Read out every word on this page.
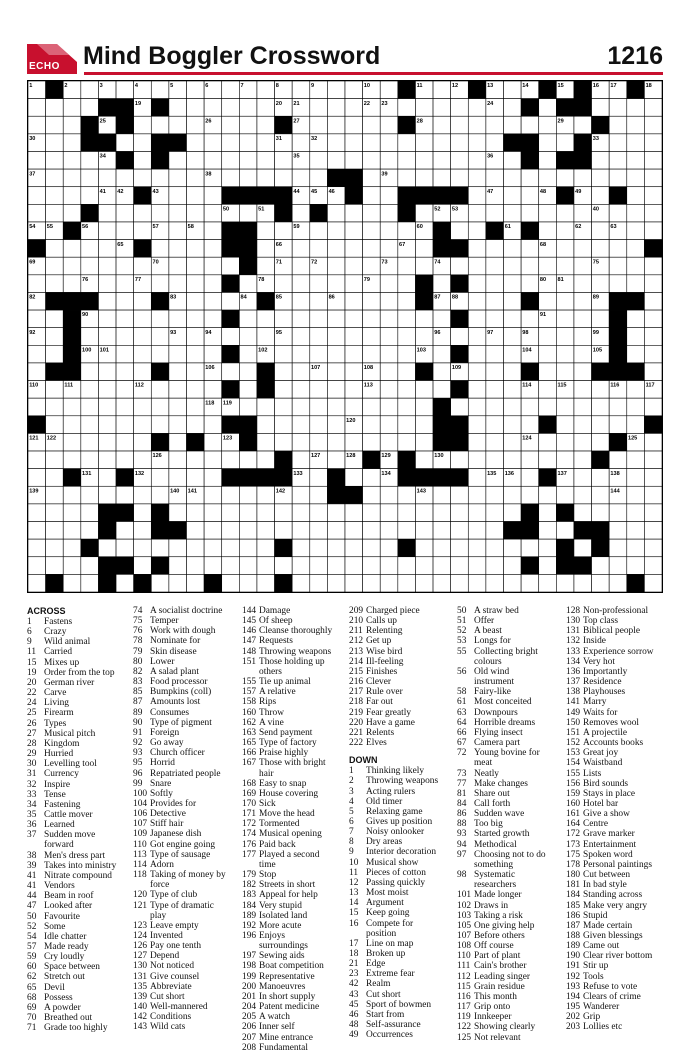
ECHO Mind Boggler Crossword	1216
1	2	3	4	5	6	7	8	9	10	11	12	13	14	15	16 17	18
19	20 21	22 23	24
25	26	27	28	29
30	31	32	33
34	35	36
37	38	39
41 42	43	44 45 46	47	48	49
50	51	52 53	40
54 55	56	57	58	59	60	61	62	63
65	66	67	68
69	70	71	72	73	74	75
76	77	78	79	80 81
82	83	84	85	86	87 88	89
90	91
92	93	94	95	96	97	98	99
100 101	102	103	104	105
106	107	108	109
110	111	112	113	114	115	116	117
118 119
120
121 122	123	124	125
126	127	128	129	130
131	132	133	134	135 136	137	138
139	140 141	142	143	144
ACROSS
1	Fastens
6	Crazy
9	Wild animal
11 Carried
15 Mixes up
19 Order from the top
20 German river
22 Carve
24 Living
25 Firearm
26 Types
27 Musical pitch
28 Kingdom
29 Hurried
30 Levelling tool
31 Currency
32 Inspire
33 Tense
34 Fastening
35 Cattle mover
36 Learned
37 Sudden move forward
38 Men's dress part
39 Takes into ministry
41 Nitrate compound
41 Vendors
44 Beam in roof
47 Looked after
50 Favourite
52 Some
54 Idle chatter
57 Made ready
59 Cry loudly
60 Space between
62 Stretch out
65 Devil
68 Possess
69 A powder
70 Breathed out
71 Grade too highly
74 A socialist doctrine
75 Temper
76 Work with dough
78 Nominate for
79 Skin disease
80 Lower
82 A salad plant
83 Food processor
85 Bumpkins (coll)
87 Amounts lost
89 Consumes
90 Type of pigment
91 Foreign
92 Go away
93 Church officer
95 Horrid
96 Repatriated people
99 Snare
100 Softly
104 Provides for
106 Detective
107 Stiff hair
109 Japanese dish
110 Got engine going
113 Type of sausage
114 Adorn
118 Taking of money by force
120 Type of club
121 Type of dramatic play
123 Leave empty
124 Invented
126 Pay one tenth
127 Depend
130 Not noticed
131 Give counsel
135 Abbreviate
139 Cut short
140 Well-mannered
142 Conditions
143 Wild cats
144 Damage
145 Of sheep
146 Cleanse thoroughly
147 Requests
148 Throwing weapons
151 Those holding up others
155 Tie up animal
157 A relative
158 Rips
160 Throw
162 A vine
163 Send payment
165 Type of factory
166 Praise highly
167 Those with bright hair
168 Easy to snap
169 House covering
170 Sick
171 Move the head
172 Tormented
174 Musical opening
176 Paid back
177 Played a second time
179 Stop
182 Streets in short
183 Appeal for help
184 Very stupid
189 Isolated land
192 More acute
196 Enjoys surroundings
197 Sewing aids
198 Boat competition
199 Representative
200 Manoeuvres
201 In short supply
204 Patent medicine
205 A watch
206 Inner self
207 Mine entrance
208 Fundamental
209 Charged piece
210 Calls up
211 Relenting
212 Get up
213 Wise bird
214 Ill-feeling
215 Finishes
216 Clever
217 Rule over
218 Far out
219 Fear greatly
220 Have a game
221 Relents
222 Elves
DOWN
1	Thinking likely
2	Throwing weapons
3	Acting rulers
4	Old timer
5	Relaxing game
6	Gives up position
7	Noisy onlooker
8	Dry areas
9	Interior decoration
10 Musical show
11 Pieces of cotton
12 Passing quickly
13 Most moist
14 Argument
15 Keep going
16 Compete for position
17 Line on map
18 Broken up
21 Edge
23 Extreme fear
42 Realm
43 Cut short
45 Sport of bowmen
46 Start from
48 Self-assurance
49 Occurrences
50 A straw bed
51 Offer
52 A beast
53 Longs for
55 Collecting bright colours
56 Old wind instrument
58 Fairy-like
61 Most conceited
63 Downpours
64 Horrible dreams
66 Flying insect
67 Camera part
72 Young bovine for meat
73 Neatly
77 Make changes
81 Share out
84 Call forth
86 Sudden wave
88 Too big
93 Started growth
94 Methodical
97 Choosing not to do something
98 Systematic researchers
101 Made longer
102 Draws in
103 Taking a risk
105 One giving help
107 Before others
108 Off course
110 Part of plant
111 Cain's brother
112 Leading singer
115 Grain residue
116 This month
117 Grip onto
119 Innkeeper
122 Showing clearly
125 Not relevant
128 Non-professional
130 Top class
131 Biblical people
132 Inside
133 Experience sorrow
134 Very hot
136 Importantly
137 Residence
138 Playhouses
141 Marry
149 Waits for
150 Removes wool
151 A projectile
152 Accounts books
153 Great joy
154 Waistband
155 Lists
156 Bird sounds
159 Stays in place
160 Hotel bar
161 Give a show
164 Centre
172 Grave marker
173 Entertainment
175 Spoken word
178 Personal paintings
180 Cut between
181 In bad style
184 Standing across
185 Make very angry
186 Stupid
187 Made certain
188 Given blessings
189 Came out
190 Clear river bottom
191 Stir up
192 Tools
193 Refuse to vote
194 Clears of crime
195 Wanderer
202 Grip
203 Lollies etc
